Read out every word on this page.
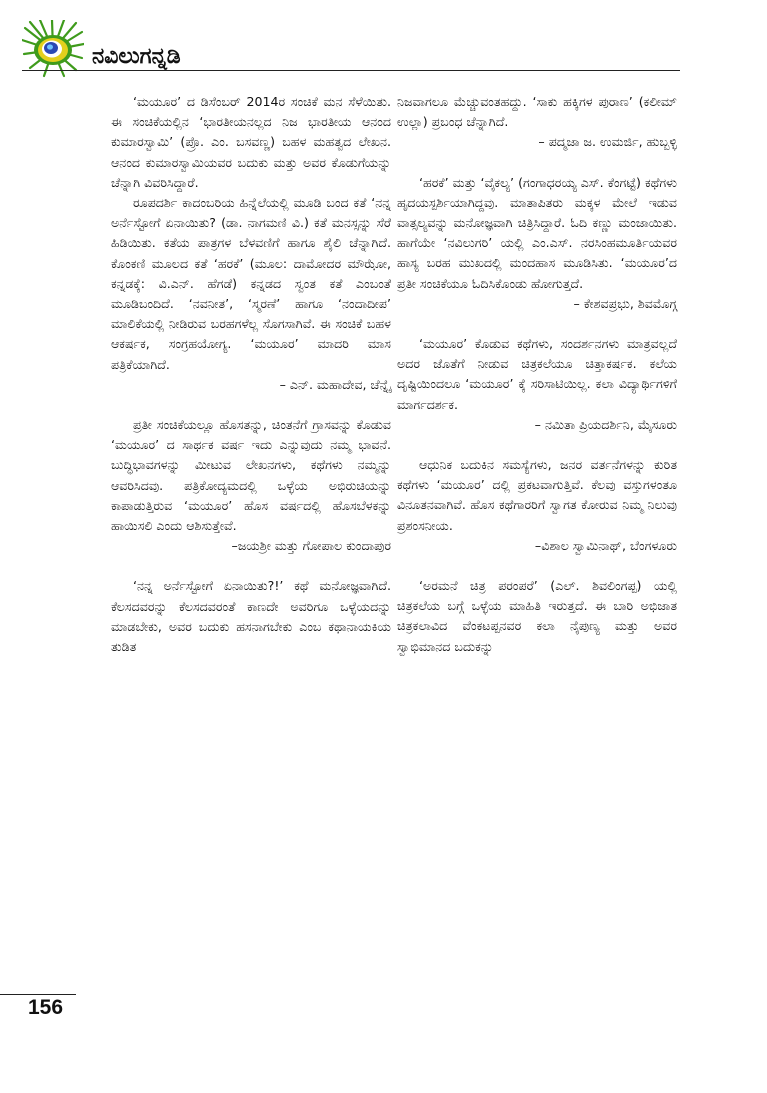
ನವಿಲುಗನ್ನಡಿ

‘ಮಯೂರ’ ದ ಡಿಸೆಂಬರ್ 2014ರ ಸಂಚಿಕೆ ಮನ ಸೆಳೆಯಿತು. ಈ ಸಂಚಿಕೆಯಲ್ಲಿನ ‘ಭಾರತೀಯನಲ್ಲದ ನಿಜ ಭಾರತೀಯ ಆನಂದ ಕುಮಾರಸ್ವಾಮಿ’ (ಪ್ರೊ. ಎಂ. ಬಸವಣ್ಣ) ಬಹಳ ಮಹತ್ವದ ಲೇಖನ. ಆನಂದ ಕುಮಾರಸ್ವಾಮಿಯವರ ಬದುಕು ಮತ್ತು ಅವರ ಕೊಡುಗೆಯನ್ನು ಚೆನ್ನಾಗಿ ವಿವರಿಸಿದ್ದಾರೆ.

ರೂಪದರ್ಶಿ ಕಾದಂಬರಿಯ ಹಿನ್ನೆಲೆಯಲ್ಲಿ ಮೂಡಿ ಬಂದ ಕತೆ ‘ನನ್ನ ಅರ್ನೆಸ್ಟೋಗೆ ಏನಾಯಿತು? (ಡಾ. ನಾಗಮಣಿ ವಿ.) ಕತೆ ಮನಸ್ಸನ್ನು ಸೆರೆ ಹಿಡಿಯಿತು. ಕತೆಯ ಪಾತ್ರಗಳ ಬೆಳವಣಿಗೆ ಹಾಗೂ ಶೈಲಿ ಚೆನ್ನಾಗಿದೆ. ಕೊಂಕಣಿ ಮೂಲದ ಕತೆ ‘ಹರಕೆ’ (ಮೂಲ: ದಾಮೋದರ ಮೌಝೋ, ಕನ್ನಡಕ್ಕೆ: ವಿ.ಎನ್. ಹೆಗಡೆ) ಕನ್ನಡದ ಸ್ವಂತ ಕತೆ ಎಂಬಂತೆ ಮೂಡಿಬಂದಿದೆ. ‘ನವನೀತ’, ‘ಸ್ಮರಣೆ’ ಹಾಗೂ ‘ನಂದಾದೀಪ’ ಮಾಲಿಕೆಯಲ್ಲಿ ನೀಡಿರುವ ಬರಹಗಳೆಲ್ಲ ಸೊಗಸಾಗಿವೆ. ಈ ಸಂಚಿಕೆ ಬಹಳ ಆಕರ್ಷಕ, ಸಂಗ್ರಹಯೋಗ್ಯ. ‘ಮಯೂರ’ ಮಾದರಿ ಮಾಸ ಪತ್ರಿಕೆಯಾಗಿದೆ.

– ಎನ್. ಮಹಾದೇವ, ಚೆನ್ನೈ

ಪ್ರತೀ ಸಂಚಿಕೆಯಲ್ಲೂ ಹೊಸತನ್ನು, ಚಿಂತನೆಗೆ ಗ್ರಾಸವನ್ನು ಕೊಡುವ ‘ಮಯೂರ’ ದ ಸಾರ್ಥಕ ವರ್ಷ ಇದು ಎನ್ನುವುದು ನಮ್ಮ ಭಾವನೆ. ಬುದ್ಧಿಭಾವಗಳನ್ನು ಮೀಟುವ ಲೇಖನಗಳು, ಕಥೆಗಳು ನಮ್ಮನ್ನು ಆವರಿಸಿದವು. ಪತ್ರಿಕೋದ್ಯಮದಲ್ಲಿ ಒಳ್ಳೆಯ ಅಭಿರುಚಿಯನ್ನು ಕಾಪಾಡುತ್ತಿರುವ ‘ಮಯೂರ’ ಹೊಸ ವರ್ಷದಲ್ಲಿ ಹೊಸಬೆಳಕನ್ನು ಹಾಯಿಸಲಿ ಎಂದು ಆಶಿಸುತ್ತೇವೆ.

–ಜಯಶ್ರೀ ಮತ್ತು ಗೋಪಾಲ ಕುಂದಾಪುರ

‘ನನ್ನ ಅರ್ನೆಸ್ಟೋಗೆ ಏನಾಯಿತು?!’ ಕಥೆ ಮನೋಜ್ಞವಾಗಿದೆ. ಕೆಲಸದವರನ್ನು ಕೆಲಸದವರಂತೆ ಕಾಣದೇ ಅವರಿಗೂ ಒಳ್ಳೆಯದನ್ನು ಮಾಡಬೇಕು, ಅವರ ಬದುಕು ಹಸನಾಗಬೇಕು ಎಂಬ ಕಥಾನಾಯಕಿಯ ತುಡಿತ

ನಿಜವಾಗಲೂ ಮೆಚ್ಚುವಂತಹದ್ದು. ‘ಸಾಕು ಹಕ್ಕಿಗಳ ಪುರಾಣ’ (ಕಲೀಮ್ ಉಲ್ಲಾ) ಪ್ರಬಂಧ ಚೆನ್ನಾಗಿದೆ.

– ಪದ್ಮಜಾ ಜ. ಉಮರ್ಜಿ, ಹುಬ್ಬಳ್ಳಿ

‘ಹರಕೆ’ ಮತ್ತು ‘ವೈಕಲ್ಯ’ (ಗಂಗಾಧರಯ್ಯ ಎಸ್. ಕೆಂಗಟ್ಟೆ) ಕಥೆಗಳು ಹೃದಯಸ್ಪರ್ಶಿಯಾಗಿದ್ದವು. ಮಾತಾಪಿತರು ಮಕ್ಕಳ ಮೇಲೆ ಇಡುವ ವಾತ್ಸಲ್ಯವನ್ನು ಮನೋಜ್ಞವಾಗಿ ಚಿತ್ರಿಸಿದ್ದಾರೆ. ಓದಿ ಕಣ್ಣು ಮಂಜಾಯಿತು. ಹಾಗೆಯೇ ‘ನವಿಲುಗರಿ’ ಯಲ್ಲಿ ಎಂ.ಎಸ್. ನರಸಿಂಹಮೂರ್ತಿಯವರ ಹಾಸ್ಯ ಬರಹ ಮುಖದಲ್ಲಿ ಮಂದಹಾಸ ಮೂಡಿಸಿತು. ‘ಮಯೂರ’ದ ಪ್ರತೀ ಸಂಚಿಕೆಯೂ ಓದಿಸಿಕೊಂಡು ಹೋಗುತ್ತದೆ.

– ಕೇಶವಪ್ರಭು, ಶಿವಮೊಗ್ಗ

‘ಮಯೂರ’ ಕೊಡುವ ಕಥೆಗಳು, ಸಂದರ್ಶನಗಳು ಮಾತ್ರವಲ್ಲದೆ ಅದರ ಜೊತೆಗೆ ನೀಡುವ ಚಿತ್ರಕಲೆಯೂ ಚಿತ್ತಾಕರ್ಷಕ. ಕಲೆಯ ದೃಷ್ಟಿಯಿಂದಲೂ ‘ಮಯೂರ’ ಕ್ಕೆ ಸರಿಸಾಟಿಯಿಲ್ಲ. ಕಲಾ ವಿದ್ಯಾರ್ಥಿಗಳಿಗೆ ಮಾರ್ಗದರ್ಶಕ.

– ನಮಿತಾ ಪ್ರಿಯದರ್ಶಿನಿ, ಮೈಸೂರು

ಆಧುನಿಕ ಬದುಕಿನ ಸಮಸ್ಯೆಗಳು, ಜನರ ವರ್ತನೆಗಳನ್ನು ಕುರಿತ ಕಥೆಗಳು ‘ಮಯೂರ’ ದಲ್ಲಿ ಪ್ರಕಟವಾಗುತ್ತಿವೆ. ಕೆಲವು ವಸ್ತುಗಳಂತೂ ವಿನೂತನವಾಗಿವೆ. ಹೊಸ ಕಥೆಗಾರರಿಗೆ ಸ್ವಾಗತ ಕೋರುವ ನಿಮ್ಮ ನಿಲುವು ಪ್ರಶಂಸನೀಯ.

–ವಿಶಾಲ ಸ್ವಾಮಿನಾಥ್, ಬೆಂಗಳೂರು

‘ಅರಮನೆ ಚಿತ್ರ ಪರಂಪರೆ’ (ಎಲ್. ಶಿವಲಿಂಗಪ್ಪ) ಯಲ್ಲಿ ಚಿತ್ರಕಲೆಯ ಬಗ್ಗೆ ಒಳ್ಳೆಯ ಮಾಹಿತಿ ಇರುತ್ತದೆ. ಈ ಬಾರಿ ಅಭಿಜಾತ ಚಿತ್ರಕಲಾವಿದ ವೆಂಕಟಪ್ಪನವರ ಕಲಾ ನೈಪುಣ್ಯ ಮತ್ತು ಅವರ ಸ್ವಾಭಿಮಾನದ ಬದುಕನ್ನು

156
